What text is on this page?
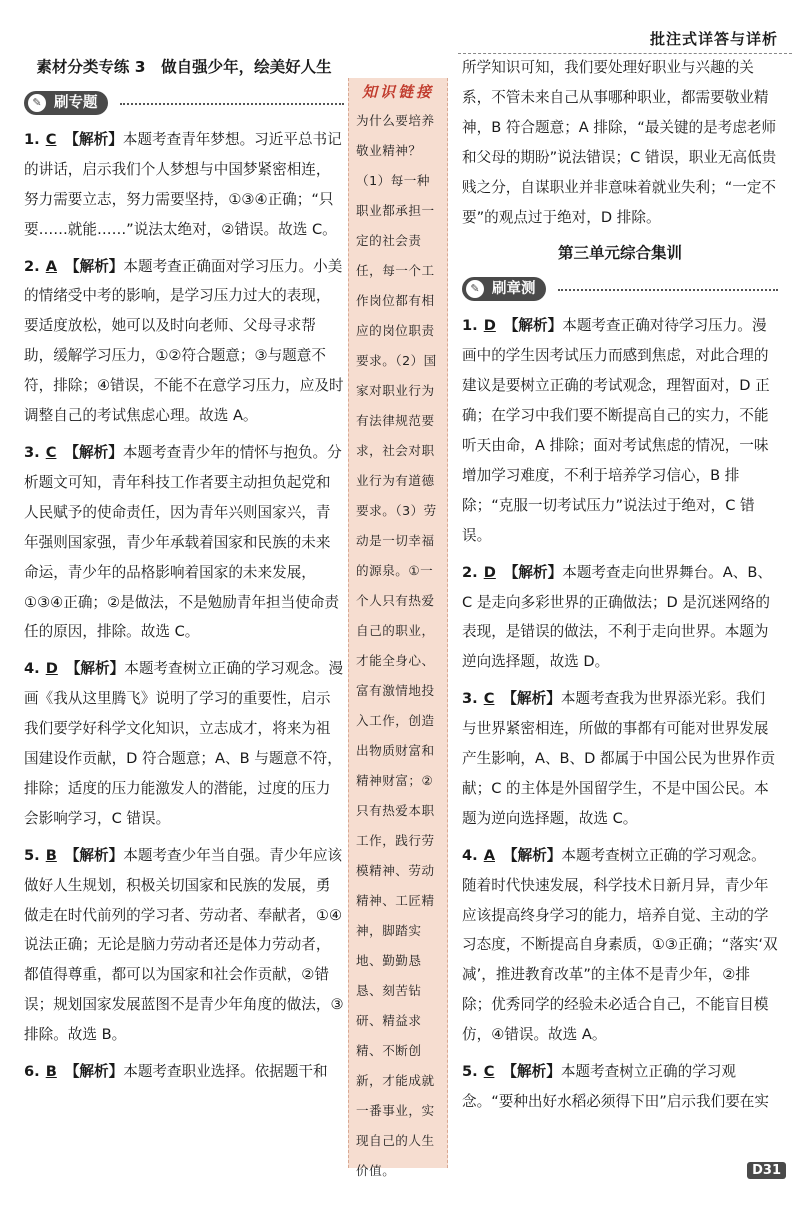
批注式详答与详析
素材分类专练 3　做自强少年，绘美好人生
✎ 刷专题
1. C 【解析】本题考查青年梦想。习近平总书记的讲话，启示我们个人梦想与中国梦紧密相连，努力需要立志，努力需要坚持，①③④正确；“只要……就能……”说法太绝对，②错误。故选 C。
2. A 【解析】本题考查正确面对学习压力。小美的情绪受中考的影响，是学习压力过大的表现，要适度放松，她可以及时向老师、父母寻求帮助，缓解学习压力，①②符合题意；③与题意不符，排除；④错误，不能不在意学习压力，应及时调整自己的考试焦虑心理。故选 A。
3. C 【解析】本题考查青少年的情怀与抱负。分析题文可知，青年科技工作者要主动担负起党和人民赋予的使命责任，因为青年兴则国家兴，青年强则国家强，青少年承载着国家和民族的未来命运，青少年的品格影响着国家的未来发展，①③④正确；②是做法，不是勉励青年担当使命责任的原因，排除。故选 C。
4. D 【解析】本题考查树立正确的学习观念。漫画《我从这里腾飞》说明了学习的重要性，启示我们要学好科学文化知识，立志成才，将来为祖国建设作贡献，D 符合题意；A、B 与题意不符，排除；适度的压力能激发人的潜能，过度的压力会影响学习，C 错误。
5. B 【解析】本题考查少年当自强。青少年应该做好人生规划，积极关切国家和民族的发展，勇做走在时代前列的学习者、劳动者、奉献者，①④说法正确；无论是脑力劳动者还是体力劳动者，都值得尊重，都可以为国家和社会作贡献，②错误；规划国家发展蓝图不是青少年角度的做法，③排除。故选 B。
6. B 【解析】本题考查职业选择。依据题干和
知识链接
为什么要培养敬业精神？（1）每一种职业都承担一定的社会责任，每一个工作岗位都有相应的岗位职责要求。（2）国家对职业行为有法律规范要求，社会对职业行为有道德要求。（3）劳动是一切幸福的源泉。①一个人只有热爱自己的职业，才能全身心、富有激情地投入工作，创造出物质财富和精神财富；②只有热爱本职工作，践行劳模精神、劳动精神、工匠精神，脚踏实地、勤勤恳恳、刻苦钻研、精益求精、不断创新，才能成就一番事业，实现自己的人生价值。
所学知识可知，我们要处理好职业与兴趣的关系，不管未来自己从事哪种职业，都需要敬业精神，B 符合题意；A 排除，“最关键的是考虑老师和父母的期盼”说法错误；C 错误，职业无高低贵贱之分，自谋职业并非意味着就业失利；“一定不要”的观点过于绝对，D 排除。
第三单元综合集训
✎ 刷章测
1. D 【解析】本题考查正确对待学习压力。漫画中的学生因考试压力而感到焦虑，对此合理的建议是要树立正确的考试观念，理智面对，D 正确；在学习中我们要不断提高自己的实力，不能听天由命，A 排除；面对考试焦虑的情况，一味增加学习难度，不利于培养学习信心，B 排除；“克服一切考试压力”说法过于绝对，C 错误。
2. D 【解析】本题考查走向世界舞台。A、B、C 是走向多彩世界的正确做法；D 是沉迷网络的表现，是错误的做法，不利于走向世界。本题为逆向选择题，故选 D。
3. C 【解析】本题考查我为世界添光彩。我们与世界紧密相连，所做的事都有可能对世界发展产生影响，A、B、D 都属于中国公民为世界作贡献；C 的主体是外国留学生，不是中国公民。本题为逆向选择题，故选 C。
4. A 【解析】本题考查树立正确的学习观念。随着时代快速发展，科学技术日新月异，青少年应该提高终身学习的能力，培养自觉、主动的学习态度，不断提高自身素质，①③正确；“落实‘双减’，推进教育改革”的主体不是青少年，②排除；优秀同学的经验未必适合自己，不能盲目模仿，④错误。故选 A。
5. C 【解析】本题考查树立正确的学习观念。“要种出好水稻必须得下田”启示我们要在实
D31
